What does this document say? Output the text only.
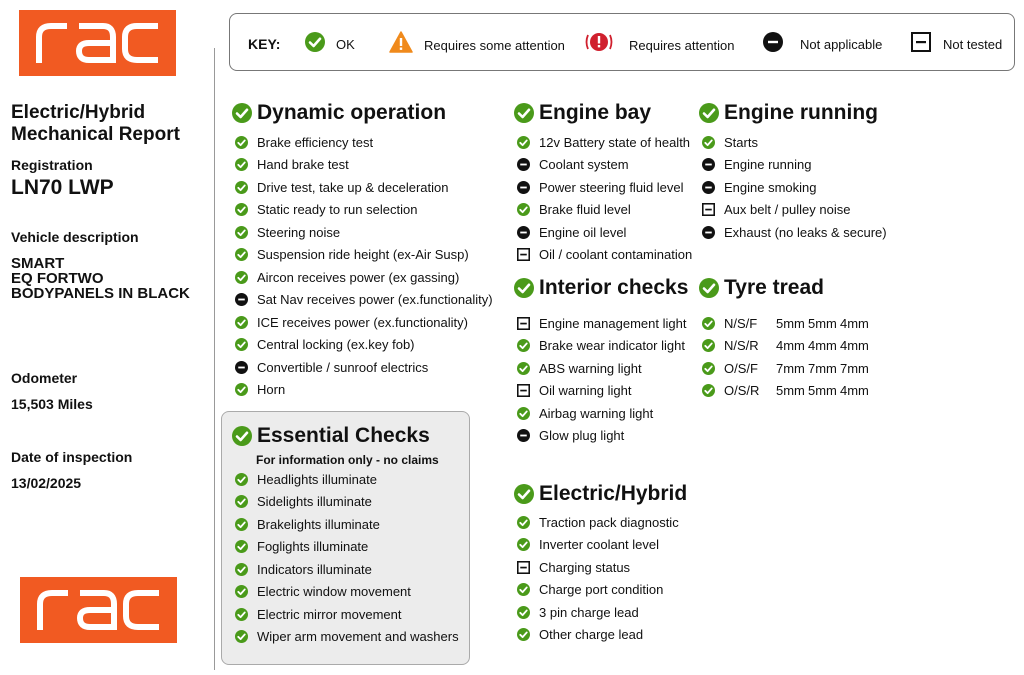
Electric/Hybrid
Mechanical Report
Registration
LN70 LWP
Vehicle description
SMART
EQ FORTWO
BODYPANELS IN BLACK
Odometer
15,503 Miles
Date of inspection
13/02/2025
KEY:	OK	Requires some attention	Requires attention	Not applicable	Not tested
Dynamic operation
Brake efficiency test
Hand brake test
Drive test, take up & deceleration
Static ready to run selection
Steering noise
Suspension ride height (ex-Air Susp)
Aircon receives power (ex gassing)
Sat Nav receives power (ex.functionality)
ICE receives power (ex.functionality)
Central locking (ex.key fob)
Convertible / sunroof electrics
Horn
Essential Checks
For information only - no claims
Headlights illuminate
Sidelights illuminate
Brakelights illuminate
Foglights illuminate
Indicators illuminate
Electric window movement
Electric mirror movement
Wiper arm movement and washers
Engine bay
12v Battery state of health
Coolant system
Power steering fluid level
Brake fluid level
Engine oil level
Oil / coolant contamination
Interior checks
Engine management light
Brake wear indicator light
ABS warning light
Oil warning light
Airbag warning light
Glow plug light
Electric/Hybrid
Traction pack diagnostic
Inverter coolant level
Charging status
Charge port condition
3 pin charge lead
Other charge lead
Engine running
Starts
Engine running
Engine smoking
Aux belt / pulley noise
Exhaust (no leaks & secure)
Tyre tread
N/S/F	5mm 5mm 4mm
N/S/R	4mm 4mm 4mm
O/S/F	7mm 7mm 7mm
O/S/R	5mm 5mm 4mm
